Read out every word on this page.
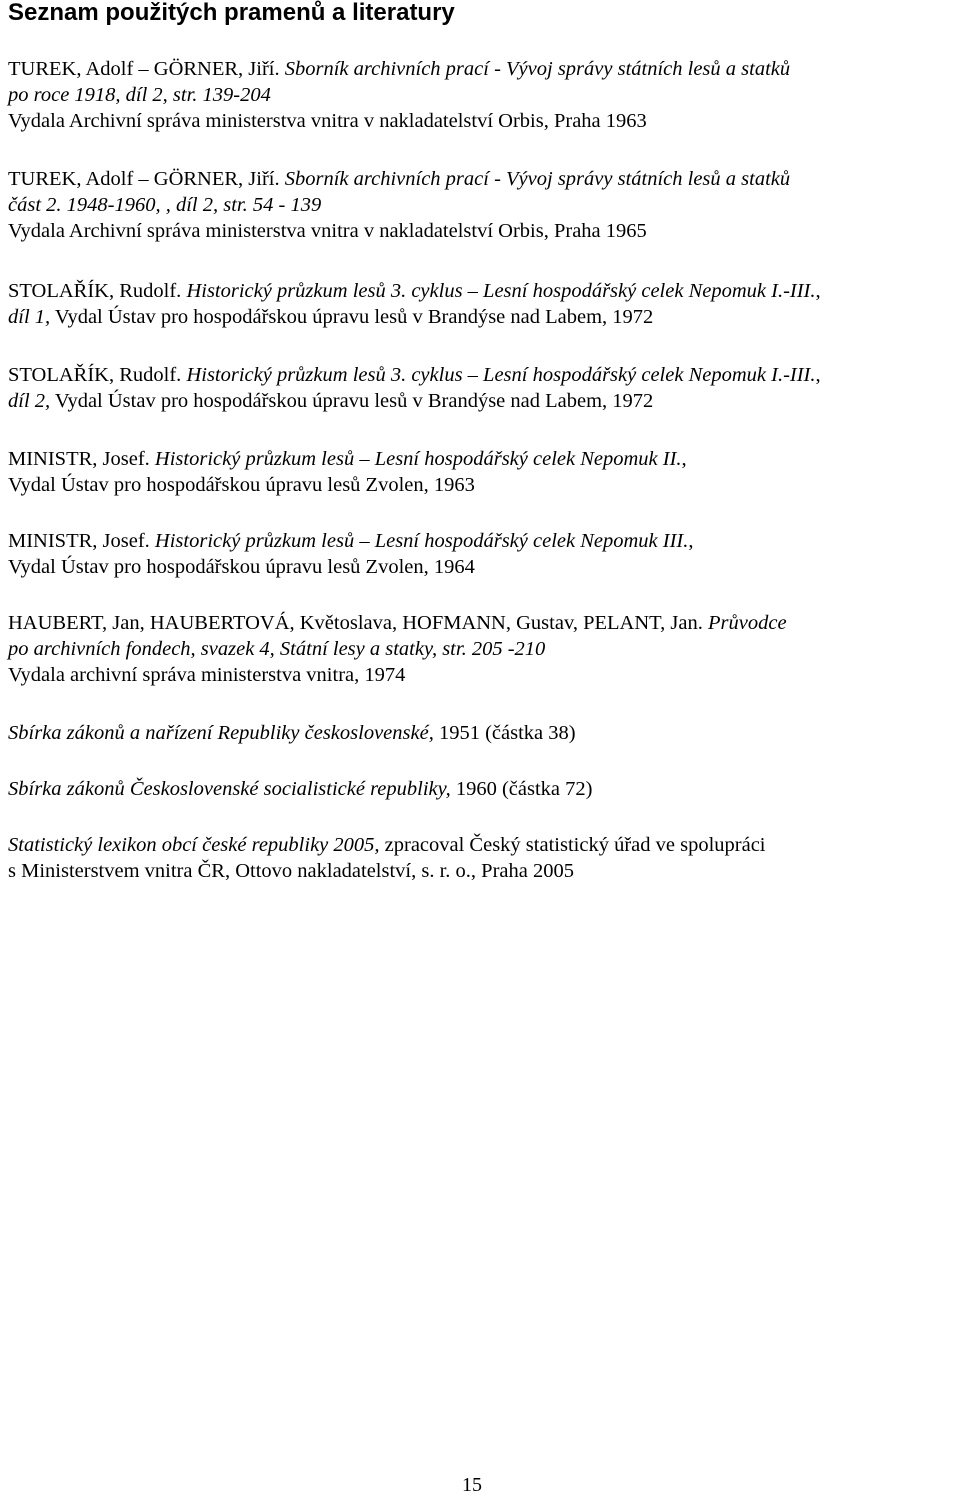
Seznam použitých pramenů a literatury
TUREK, Adolf – GÖRNER, Jiří. Sborník archivních prací - Vývoj správy státních lesů a statků
po roce 1918, díl 2, str. 139-204
Vydala Archivní správa ministerstva vnitra v nakladatelství Orbis, Praha 1963
TUREK, Adolf – GÖRNER, Jiří. Sborník archivních prací - Vývoj správy státních lesů a statků
část 2. 1948-1960, , díl 2, str. 54 - 139
Vydala Archivní správa ministerstva vnitra v nakladatelství Orbis, Praha 1965
STOLAŘÍK, Rudolf. Historický průzkum lesů 3. cyklus – Lesní hospodářský celek Nepomuk I.-III.,
díl 1, Vydal Ústav pro hospodářskou úpravu lesů v Brandýse nad Labem, 1972
STOLAŘÍK, Rudolf. Historický průzkum lesů 3. cyklus – Lesní hospodářský celek Nepomuk I.-III.,
díl 2, Vydal Ústav pro hospodářskou úpravu lesů v Brandýse nad Labem, 1972
MINISTR, Josef. Historický průzkum lesů – Lesní hospodářský celek Nepomuk II.,
Vydal Ústav pro hospodářskou úpravu lesů Zvolen, 1963
MINISTR, Josef. Historický průzkum lesů – Lesní hospodářský celek Nepomuk III.,
Vydal Ústav pro hospodářskou úpravu lesů Zvolen, 1964
HAUBERT, Jan, HAUBERTOVÁ, Květoslava, HOFMANN, Gustav, PELANT, Jan. Průvodce
po archivních fondech, svazek 4, Státní lesy a statky, str. 205 -210
Vydala archivní správa ministerstva vnitra, 1974
Sbírka zákonů a nařízení Republiky československé, 1951 (částka 38)
Sbírka zákonů Československé socialistické republiky, 1960 (částka 72)
Statistický lexikon obcí české republiky 2005, zpracoval Český statistický úřad ve spolupráci
s Ministerstvem vnitra ČR, Ottovo nakladatelství, s. r. o., Praha 2005
15
